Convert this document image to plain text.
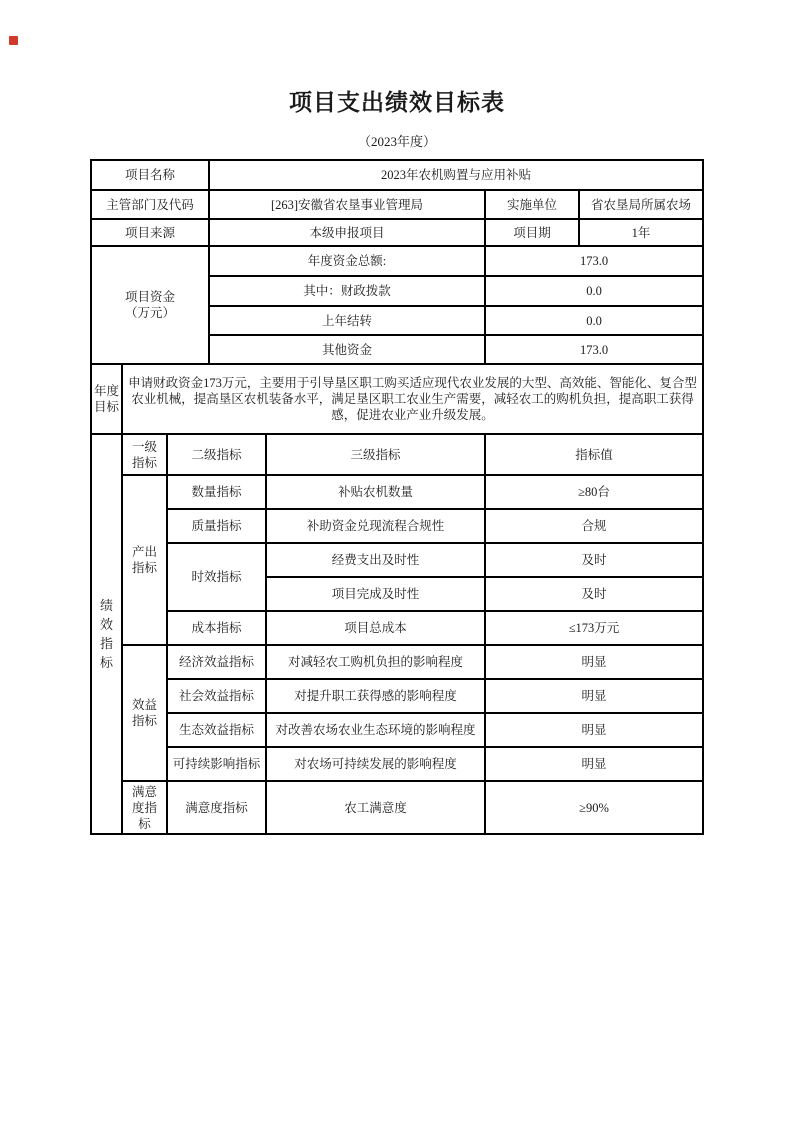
项目支出绩效目标表
（2023年度）
项目名称			2023年农机购置与应用补贴			
主管部门及代码			[263]安徽省农垦事业管理局		实施单位	省农垦局所属农场
项目来源			本级申报项目		项目期	1年

项目资金
（万元）			年度资金总额:		173.0	
			其中：财政拨款		0.0	
			上年结转		0.0	
			其他资金		173.0	
年度目标	申请财政资金173万元，主要用于引导垦区职工购买适应现代农业发展的大型、高效能、智能化、复合型农业机械，提高垦区农机装备水平，满足垦区职工农业生产需要，减轻农工的购机负担，提高职工获得感，促进农业产业升级发展。					
绩效指标	一级指标	二级指标		三级指标	指标值	
	产出指标	数量指标		补贴农机数量	≥80台	
		质量指标		补助资金兑现流程合规性	合规	
		时效指标		经费支出及时性	及时	
				项目完成及时性	及时	
		成本指标		项目总成本	≤173万元	
	效益指标	经济效益指标		对减轻农工购机负担的影响程度	明显	
		社会效益指标		对提升职工获得感的影响程度	明显	
		生态效益指标		对改善农场农业生态环境的影响程度	明显	
		可持续影响指标		对农场可持续发展的影响程度	明显	
	满意度指标	满意度指标		农工满意度	≥90%	
